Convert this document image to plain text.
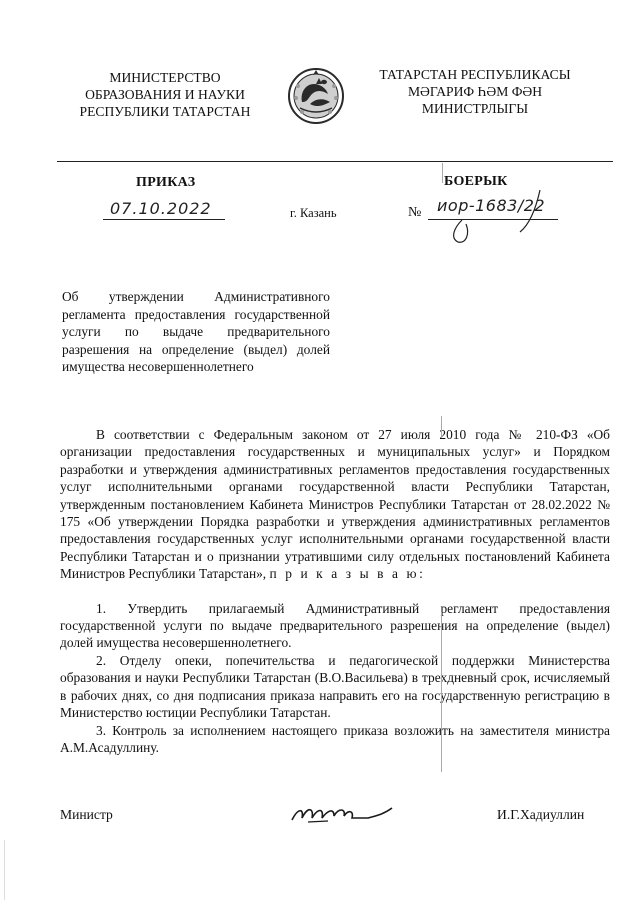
МИНИСТЕРСТВО
ОБРАЗОВАНИЯ И НАУКИ
РЕСПУБЛИКИ ТАТАРСТАН
ТАТАРСТАН РЕСПУБЛИКАСЫ
МӘГАРИФ ҺӘМ ФӘН
МИНИСТРЛЫГЫ
ПРИКАЗ	БОЕРЫК
07.10.2022	г. Казань	№ иор-1683/22
Об утверждении Административного регламента предоставления государственной услуги по выдаче предварительного разрешения на определение (выдел) долей имущества несовершеннолетнего

В соответствии с Федеральным законом от 27 июля 2010 года № 210-ФЗ «Об организации предоставления государственных и муниципальных услуг» и Порядком разработки и утверждения административных регламентов предоставления государственных услуг исполнительными органами государственной власти Республики Татарстан, утвержденным постановлением Кабинета Министров Республики Татарстан от 28.02.2022 № 175 «Об утверждении Порядка разработки и утверждения административных регламентов предоставления государственных услуг исполнительными органами государственной власти Республики Татарстан и о признании утратившими силу отдельных постановлений Кабинета Министров Республики Татарстан», п р и к а з ы в а ю:

1. Утвердить прилагаемый Административный регламент предоставления государственной услуги по выдаче предварительного разрешения на определение (выдел) долей имущества несовершеннолетнего.

2. Отделу опеки, попечительства и педагогической поддержки Министерства образования и науки Республики Татарстан (В.О.Васильева) в трехдневный срок, исчисляемый в рабочих днях, со дня подписания приказа направить его на государственную регистрацию в Министерство юстиции Республики Татарстан.

3. Контроль за исполнением настоящего приказа возложить на заместителя министра А.М.Асадуллину.

Министр	И.Г.Хадиуллин
